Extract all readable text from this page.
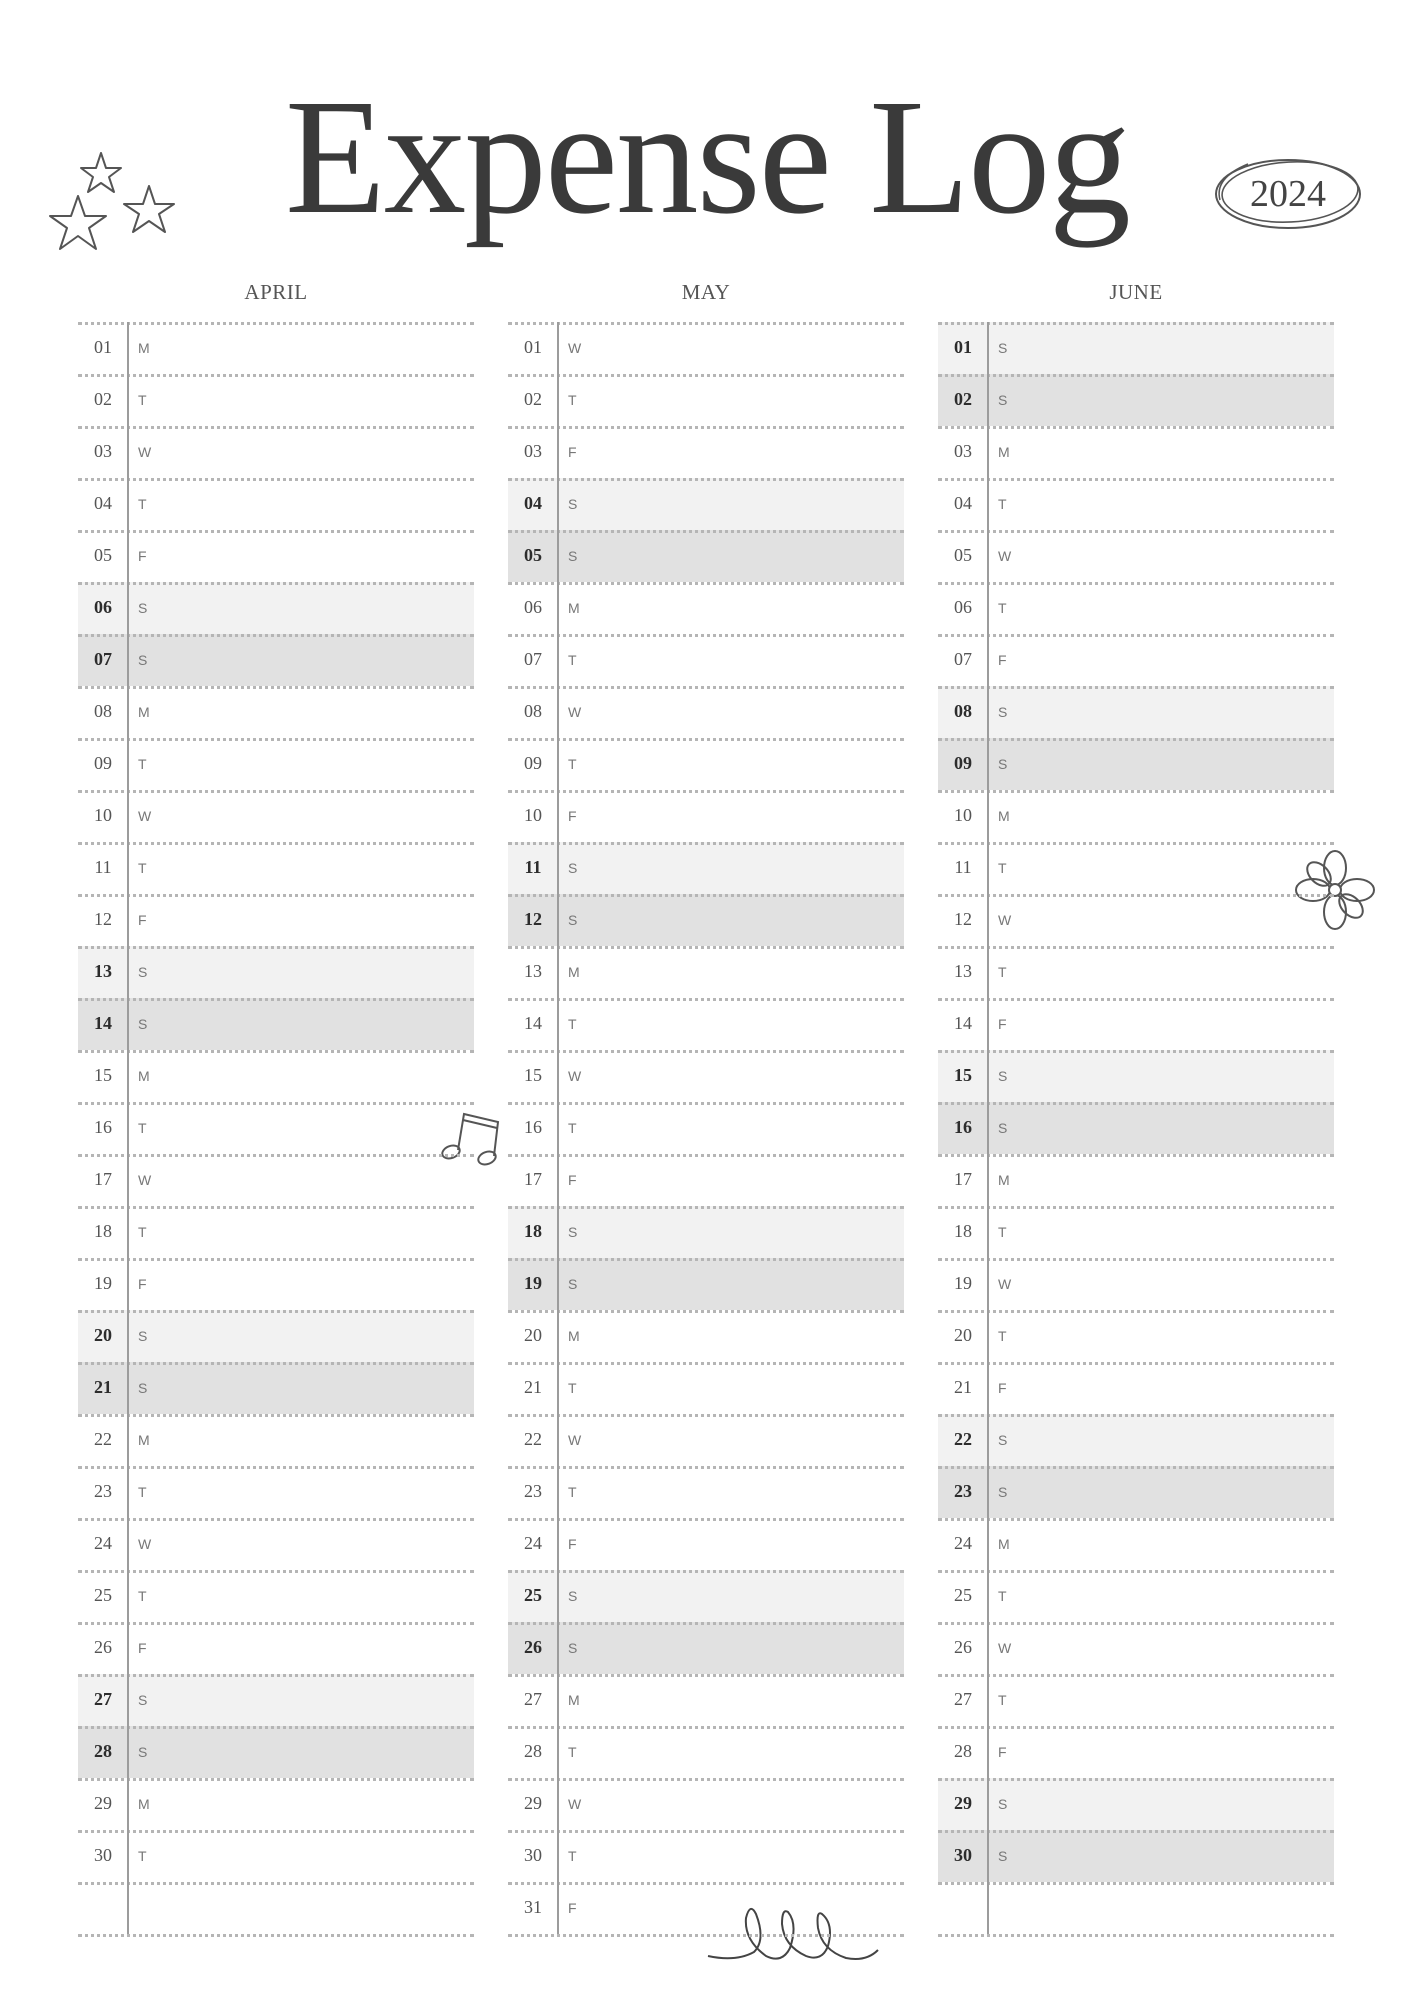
Expense Log	2024
APRIL
01	M
02	T
03	W
04	T
05	F
06	S
07	S
08	M
09	T
10	W
11	T
12	F
13	S
14	S
15	M
16	T
17	W
18	T
19	F
20	S
21	S
22	M
23	T
24	W
25	T
26	F
27	S
28	S
29	M
30	T
MAY
01	W
02	T
03	F
04	S
05	S
06	M
07	T
08	W
09	T
10	F
11	S
12	S
13	M
14	T
15	W
16	T
17	F
18	S
19	S
20	M
21	T
22	W
23	T
24	F
25	S
26	S
27	M
28	T
29	W
30	T
31	F
JUNE
01	S
02	S
03	M
04	T
05	W
06	T
07	F
08	S
09	S
10	M
11	T
12	W
13	T
14	F
15	S
16	S
17	M
18	T
19	W
20	T
21	F
22	S
23	S
24	M
25	T
26	W
27	T
28	F
29	S
30	S
